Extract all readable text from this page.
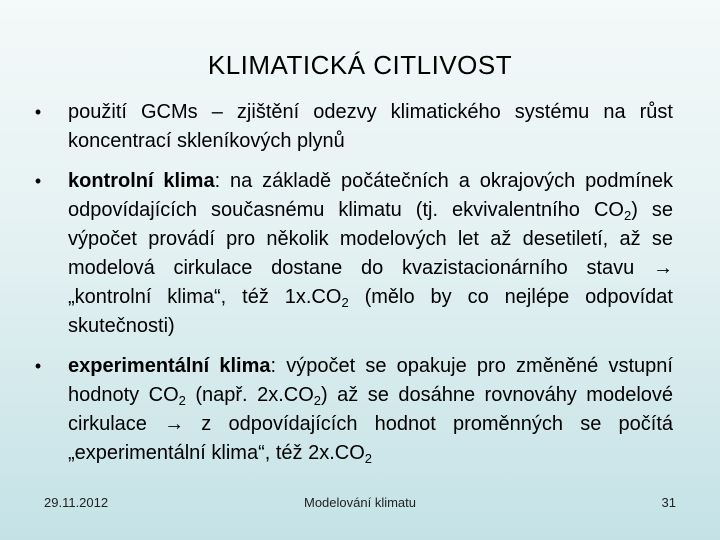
KLIMATICKÁ CITLIVOST
•	použití GCMs – zjištění odezvy klimatického systému na růst koncentrací skleníkových plynů
•	kontrolní klima: na základě počátečních a okrajových podmínek odpovídajících současnému klimatu (tj. ekvivalentního $CO_2$) se výpočet provádí pro několik modelových let až desetiletí, až se modelová cirkulace dostane do kvazistacionárního stavu → „kontrolní klima“, též $1x.CO_2$ (mělo by co nejlépe odpovídat skutečnosti)
•	experimentální klima: výpočet se opakuje pro změněné vstupní hodnoty $CO_2$ (např. $2x.CO_2$) až se dosáhne rovnováhy modelové cirkulace → z odpovídajících hodnot proměnných se počítá „experimentální klima“, též $2x.CO_2$
29.11.2012	Modelování klimatu	31
